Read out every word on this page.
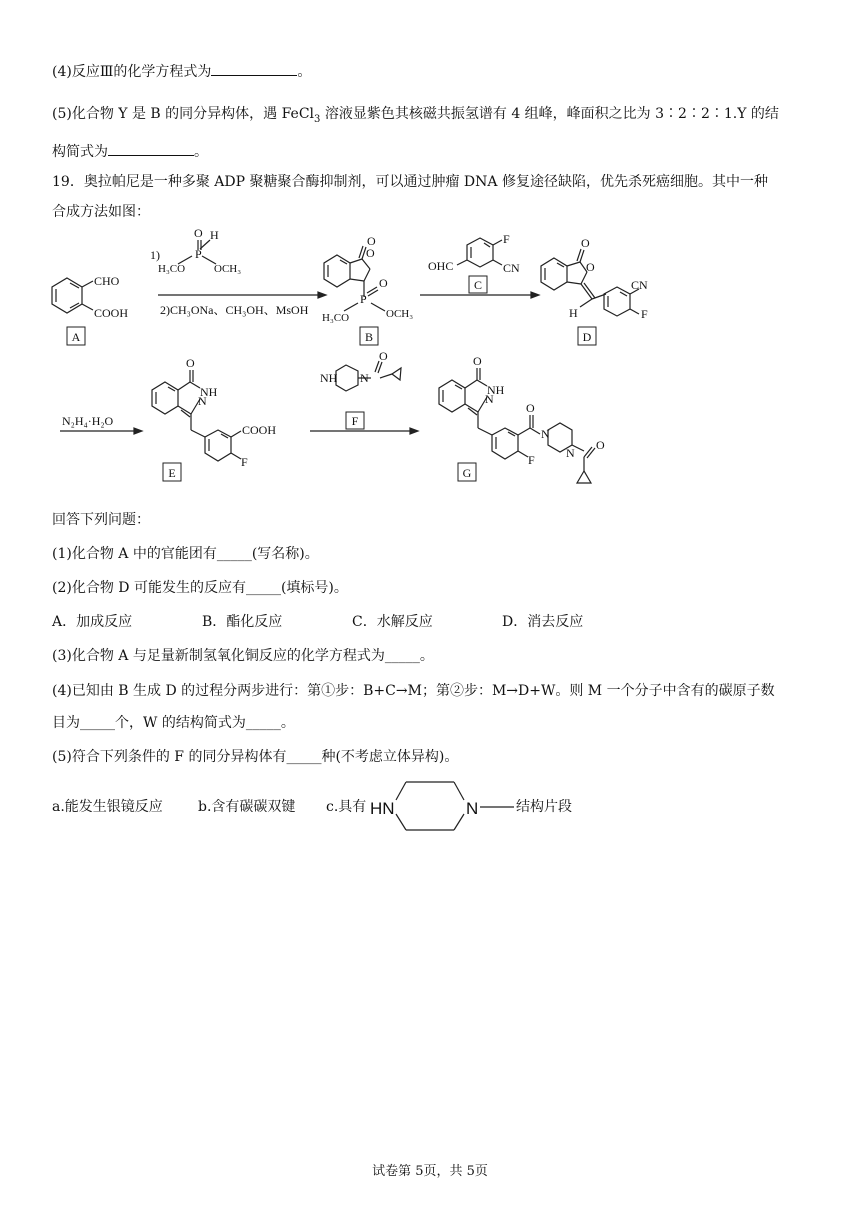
(4)反应Ⅲ的化学方程式为	。
(5)化合物 Y 是 B 的同分异构体，遇 FeCl$_3$ 溶液显紫色其核磁共振氢谱有 4 组峰，峰面积之比为 3∶2∶2∶1.Y 的结
构简式为	。
19．奥拉帕尼是一种多聚 ADP 聚糖聚合酶抑制剂，可以通过肿瘤 DNA 修复途径缺陷，优先杀死癌细胞。其中一种
合成方法如图：
CHO
COOH
1)	P
O H
H₃CO	OCH₃
2)CH₃ONa、CH₃OH、MsOH
O
O
P
O
H₃CO	OCH₃
F
CN
OHC	O
O
H
CN
F
N₂H₄·H₂O
O
NH
N
COOH
F
NH N
O	O
NH
N
O
N
N
O
F
A	B
C
D
E
F
G
回答下列问题：
(1)化合物 A 中的官能团有_____(写名称)。
(2)化合物 D 可能发生的反应有_____(填标号)。
A．加成反应	B．酯化反应	C．水解反应	D．消去反应
(3)化合物 A 与足量新制氢氧化铜反应的化学方程式为_____。
(4)已知由 B 生成 D 的过程分两步进行：第①步：B+C→M；第②步：M→D+W。则 M 一个分子中含有的碳原子数
目为_____个，W 的结构简式为_____。
(5)符合下列条件的 F 的同分异构体有_____种(不考虑立体异构)。
a.能发生银镜反应	b.含有碳碳双键 c.具有 HN	N	结构片段
试卷第 5页，共 5页
